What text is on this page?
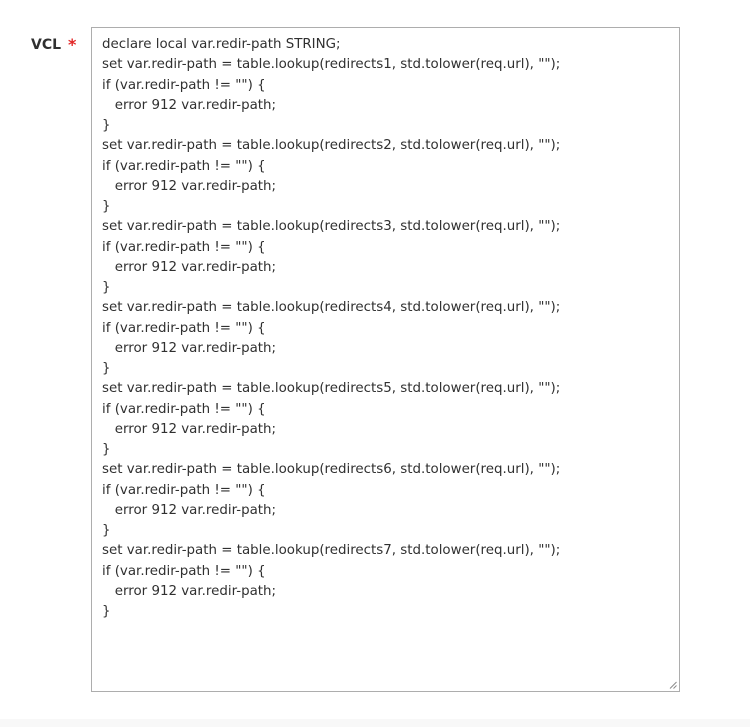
VCL * declare local var.redir-path STRING;
set var.redir-path = table.lookup(redirects1, std.tolower(req.url), "");
if (var.redir-path != "") {
error 912 var.redir-path;
}
set var.redir-path = table.lookup(redirects2, std.tolower(req.url), "");
if (var.redir-path != "") {
error 912 var.redir-path;
}
set var.redir-path = table.lookup(redirects3, std.tolower(req.url), "");
if (var.redir-path != "") {
error 912 var.redir-path;
}
set var.redir-path = table.lookup(redirects4, std.tolower(req.url), "");
if (var.redir-path != "") {
error 912 var.redir-path;
}
set var.redir-path = table.lookup(redirects5, std.tolower(req.url), "");
if (var.redir-path != "") {
error 912 var.redir-path;
}
set var.redir-path = table.lookup(redirects6, std.tolower(req.url), "");
if (var.redir-path != "") {
error 912 var.redir-path;
}
set var.redir-path = table.lookup(redirects7, std.tolower(req.url), "");
if (var.redir-path != "") {
error 912 var.redir-path;
}
